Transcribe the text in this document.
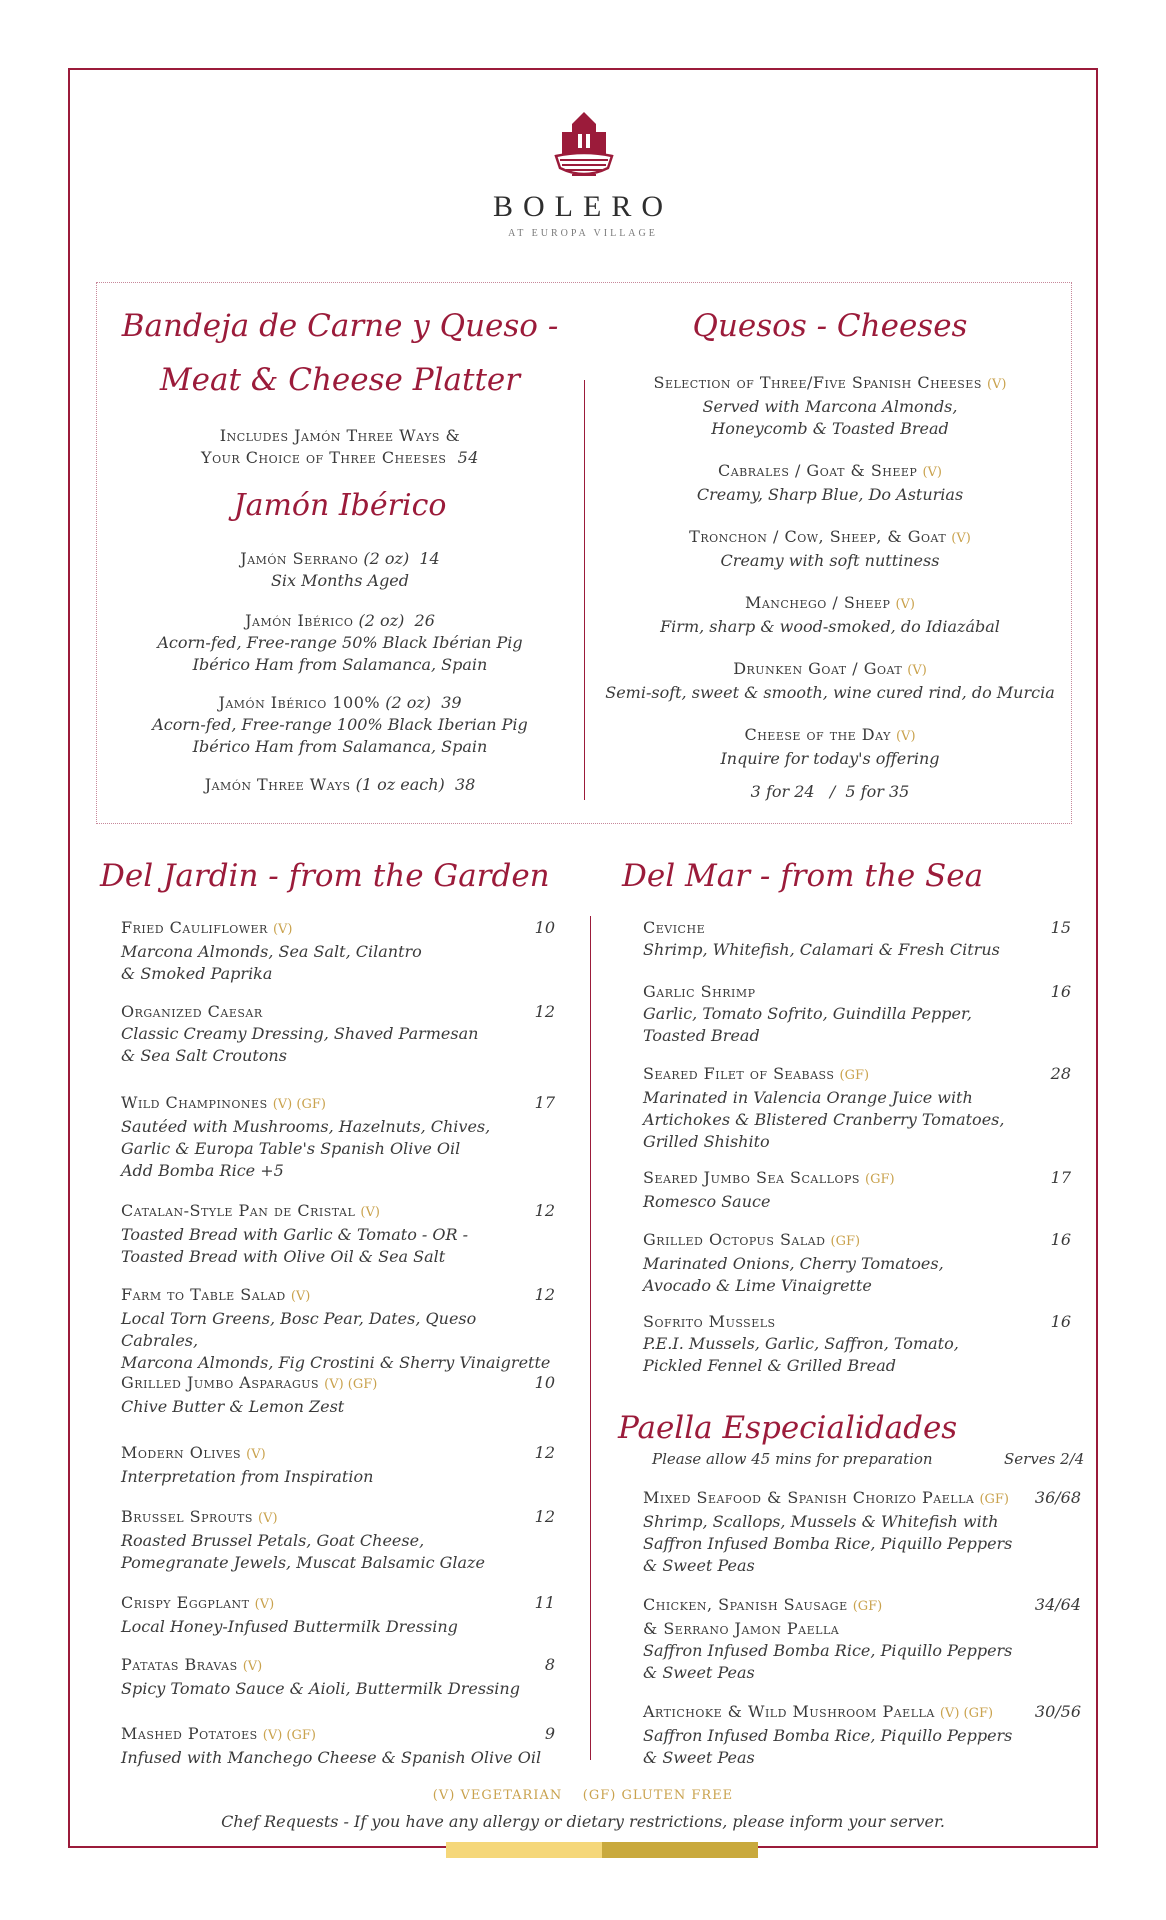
BOLERO
AT EUROPA VILLAGE
Bandeja de Carne y Queso -
Meat & Cheese Platter
Includes Jamón Three Ways &
Your Choice of Three Cheeses 54
Jamón Ibérico
Jamón Serrano (2 oz) 14
Six Months Aged
Jamón Ibérico (2 oz) 26
Acorn-fed, Free-range 50% Black Ibérian Pig
Ibérico Ham from Salamanca, Spain
Jamón Ibérico 100% (2 oz) 39
Acorn-fed, Free-range 100% Black Iberian Pig
Ibérico Ham from Salamanca, Spain
Jamón Three Ways (1 oz each) 38
Quesos - Cheeses
Selection of Three/Five Spanish Cheeses (V)
Served with Marcona Almonds,
Honeycomb & Toasted Bread
Cabrales / Goat & Sheep (V)
Creamy, Sharp Blue, Do Asturias
Tronchon / Cow, Sheep, & Goat (V)
Creamy with soft nuttiness
Manchego / Sheep (V)
Firm, sharp & wood-smoked, do Idiazábal
Drunken Goat / Goat (V)
Semi-soft, sweet & smooth, wine cured rind, do Murcia
Cheese of the Day (V)
Inquire for today's offering
3 for 24   /  5 for 35
Del Jardin - from the Garden Del Mar - from the Sea
Fried Cauliflower (V)	10
Marcona Almonds, Sea Salt, Cilantro
& Smoked Paprika
Organized Caesar	12
Classic Creamy Dressing, Shaved Parmesan
& Sea Salt Croutons
Wild Champinones (V) (GF)	17
Sautéed with Mushrooms, Hazelnuts, Chives,
Garlic & Europa Table's Spanish Olive Oil
Add Bomba Rice +5
Catalan-Style Pan de Cristal (V)	12
Toasted Bread with Garlic & Tomato - OR -
Toasted Bread with Olive Oil & Sea Salt
Farm to Table Salad (V)	12
Local Torn Greens, Bosc Pear, Dates, Queso Cabrales,
Marcona Almonds, Fig Crostini & Sherry Vinaigrette
Grilled Jumbo Asparagus (V) (GF)	10
Chive Butter & Lemon Zest
Modern Olives (V)	12
Interpretation from Inspiration
Brussel Sprouts (V)	12
Roasted Brussel Petals, Goat Cheese,
Pomegranate Jewels, Muscat Balsamic Glaze
Crispy Eggplant (V)	11
Local Honey-Infused Buttermilk Dressing
Patatas Bravas (V)	8
Spicy Tomato Sauce & Aioli, Buttermilk Dressing
Mashed Potatoes (V) (GF)	9
Infused with Manchego Cheese & Spanish Olive Oil
Ceviche	15
Shrimp, Whitefish, Calamari & Fresh Citrus
Garlic Shrimp	16
Garlic, Tomato Sofrito, Guindilla Pepper,
Toasted Bread
Seared Filet of Seabass (GF)	28
Marinated in Valencia Orange Juice with
Artichokes & Blistered Cranberry Tomatoes,
Grilled Shishito
Seared Jumbo Sea Scallops (GF)	17
Romesco Sauce
Grilled Octopus Salad (GF)	16
Marinated Onions, Cherry Tomatoes,
Avocado & Lime Vinaigrette
Sofrito Mussels	16
P.E.I. Mussels, Garlic, Saffron, Tomato,
Pickled Fennel & Grilled Bread
Paella Especialidades
Please allow 45 mins for preparation	Serves 2/4
Mixed Seafood & Spanish Chorizo Paella (GF) 36/68
Shrimp, Scallops, Mussels & Whitefish with
Saffron Infused Bomba Rice, Piquillo Peppers
& Sweet Peas
Chicken, Spanish Sausage (GF)	34/64
& Serrano Jamon Paella
Saffron Infused Bomba Rice, Piquillo Peppers
& Sweet Peas
Artichoke & Wild Mushroom Paella (V) (GF)	30/56
Saffron Infused Bomba Rice, Piquillo Peppers
& Sweet Peas
(V) VEGETARIAN    (GF) GLUTEN FREE
Chef Requests - If you have any allergy or dietary restrictions, please inform your server.
